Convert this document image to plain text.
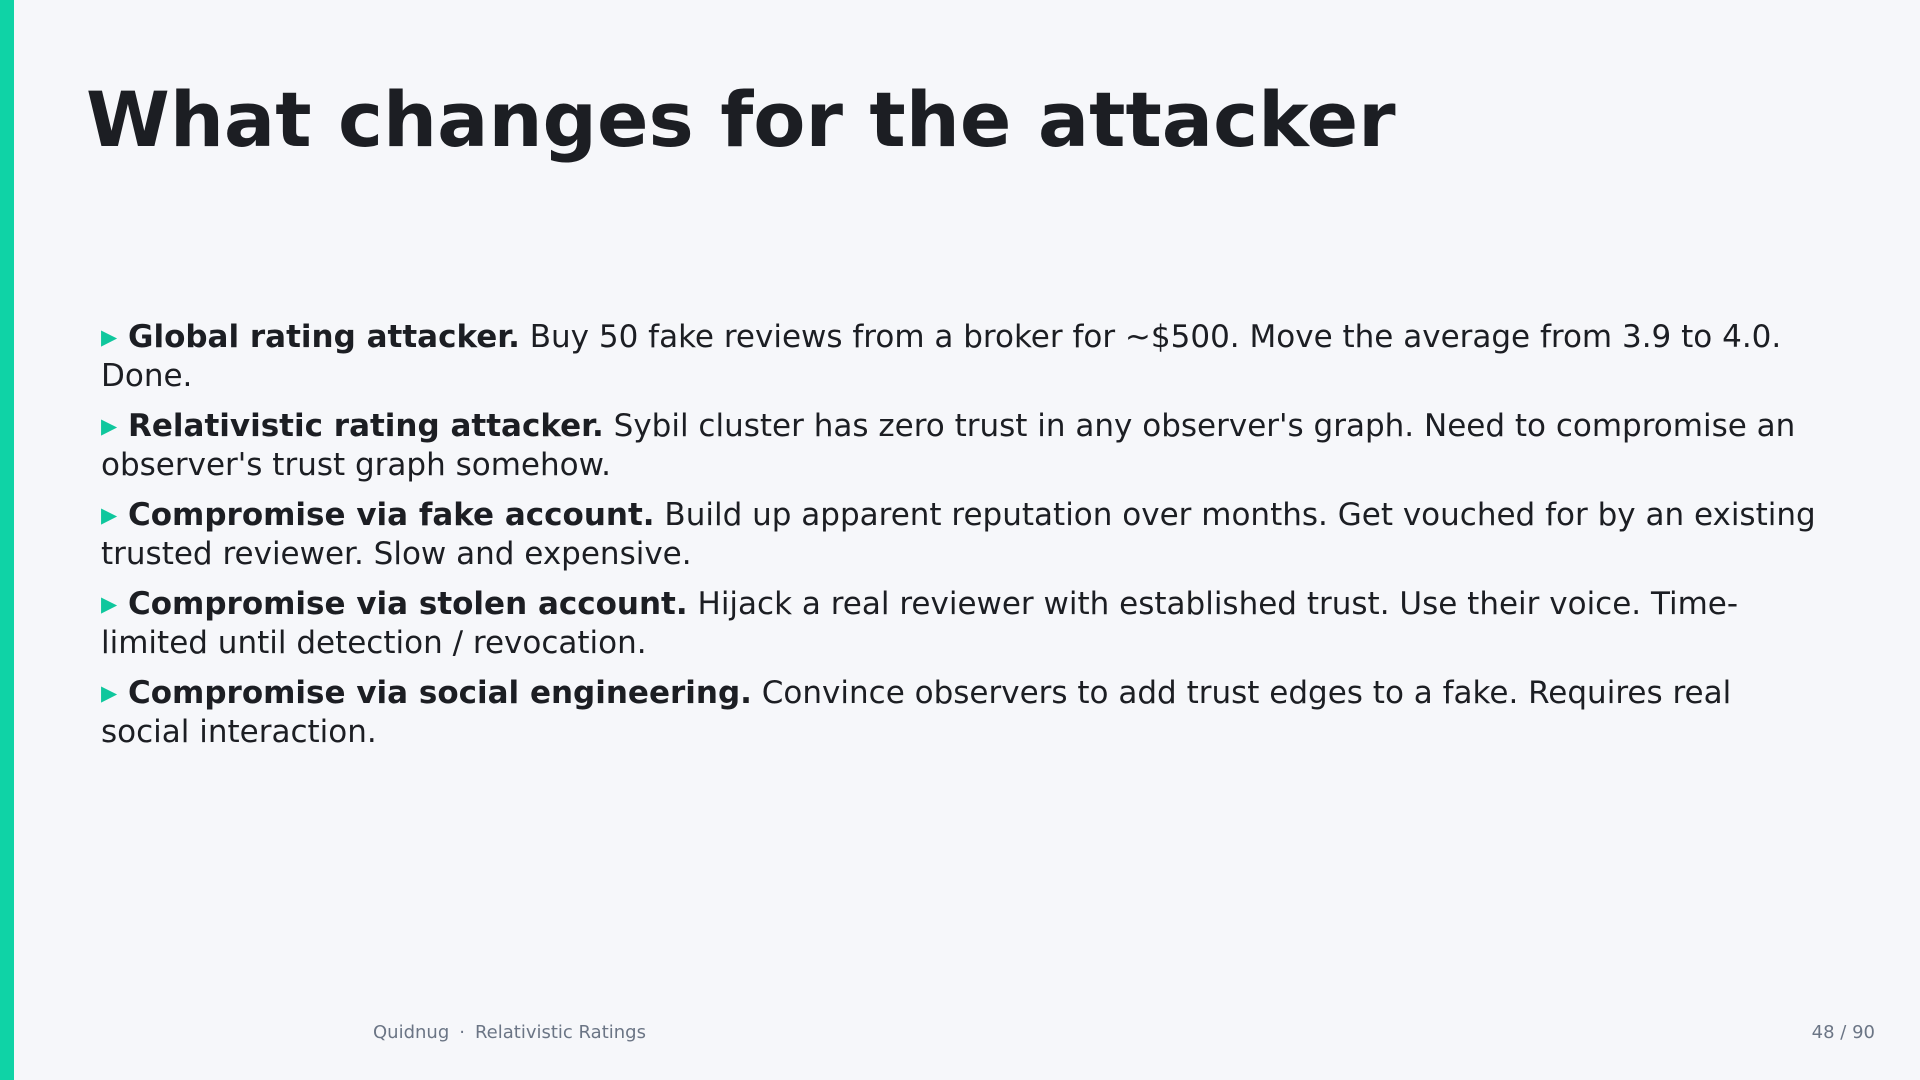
What changes for the attacker
▶ Global rating attacker. Buy 50 fake reviews from a broker for ~$500. Move the average from 3.9 to 4.0. Done.
▶ Relativistic rating attacker. Sybil cluster has zero trust in any observer's graph. Need to compromise an observer's trust graph somehow.
▶ Compromise via fake account. Build up apparent reputation over months. Get vouched for by an existing trusted reviewer. Slow and expensive.
▶ Compromise via stolen account. Hijack a real reviewer with established trust. Use their voice. Time-limited until detection / revocation.
▶ Compromise via social engineering. Convince observers to add trust edges to a fake. Requires real social interaction.
Quidnug · Relativistic Ratings	48 / 90
